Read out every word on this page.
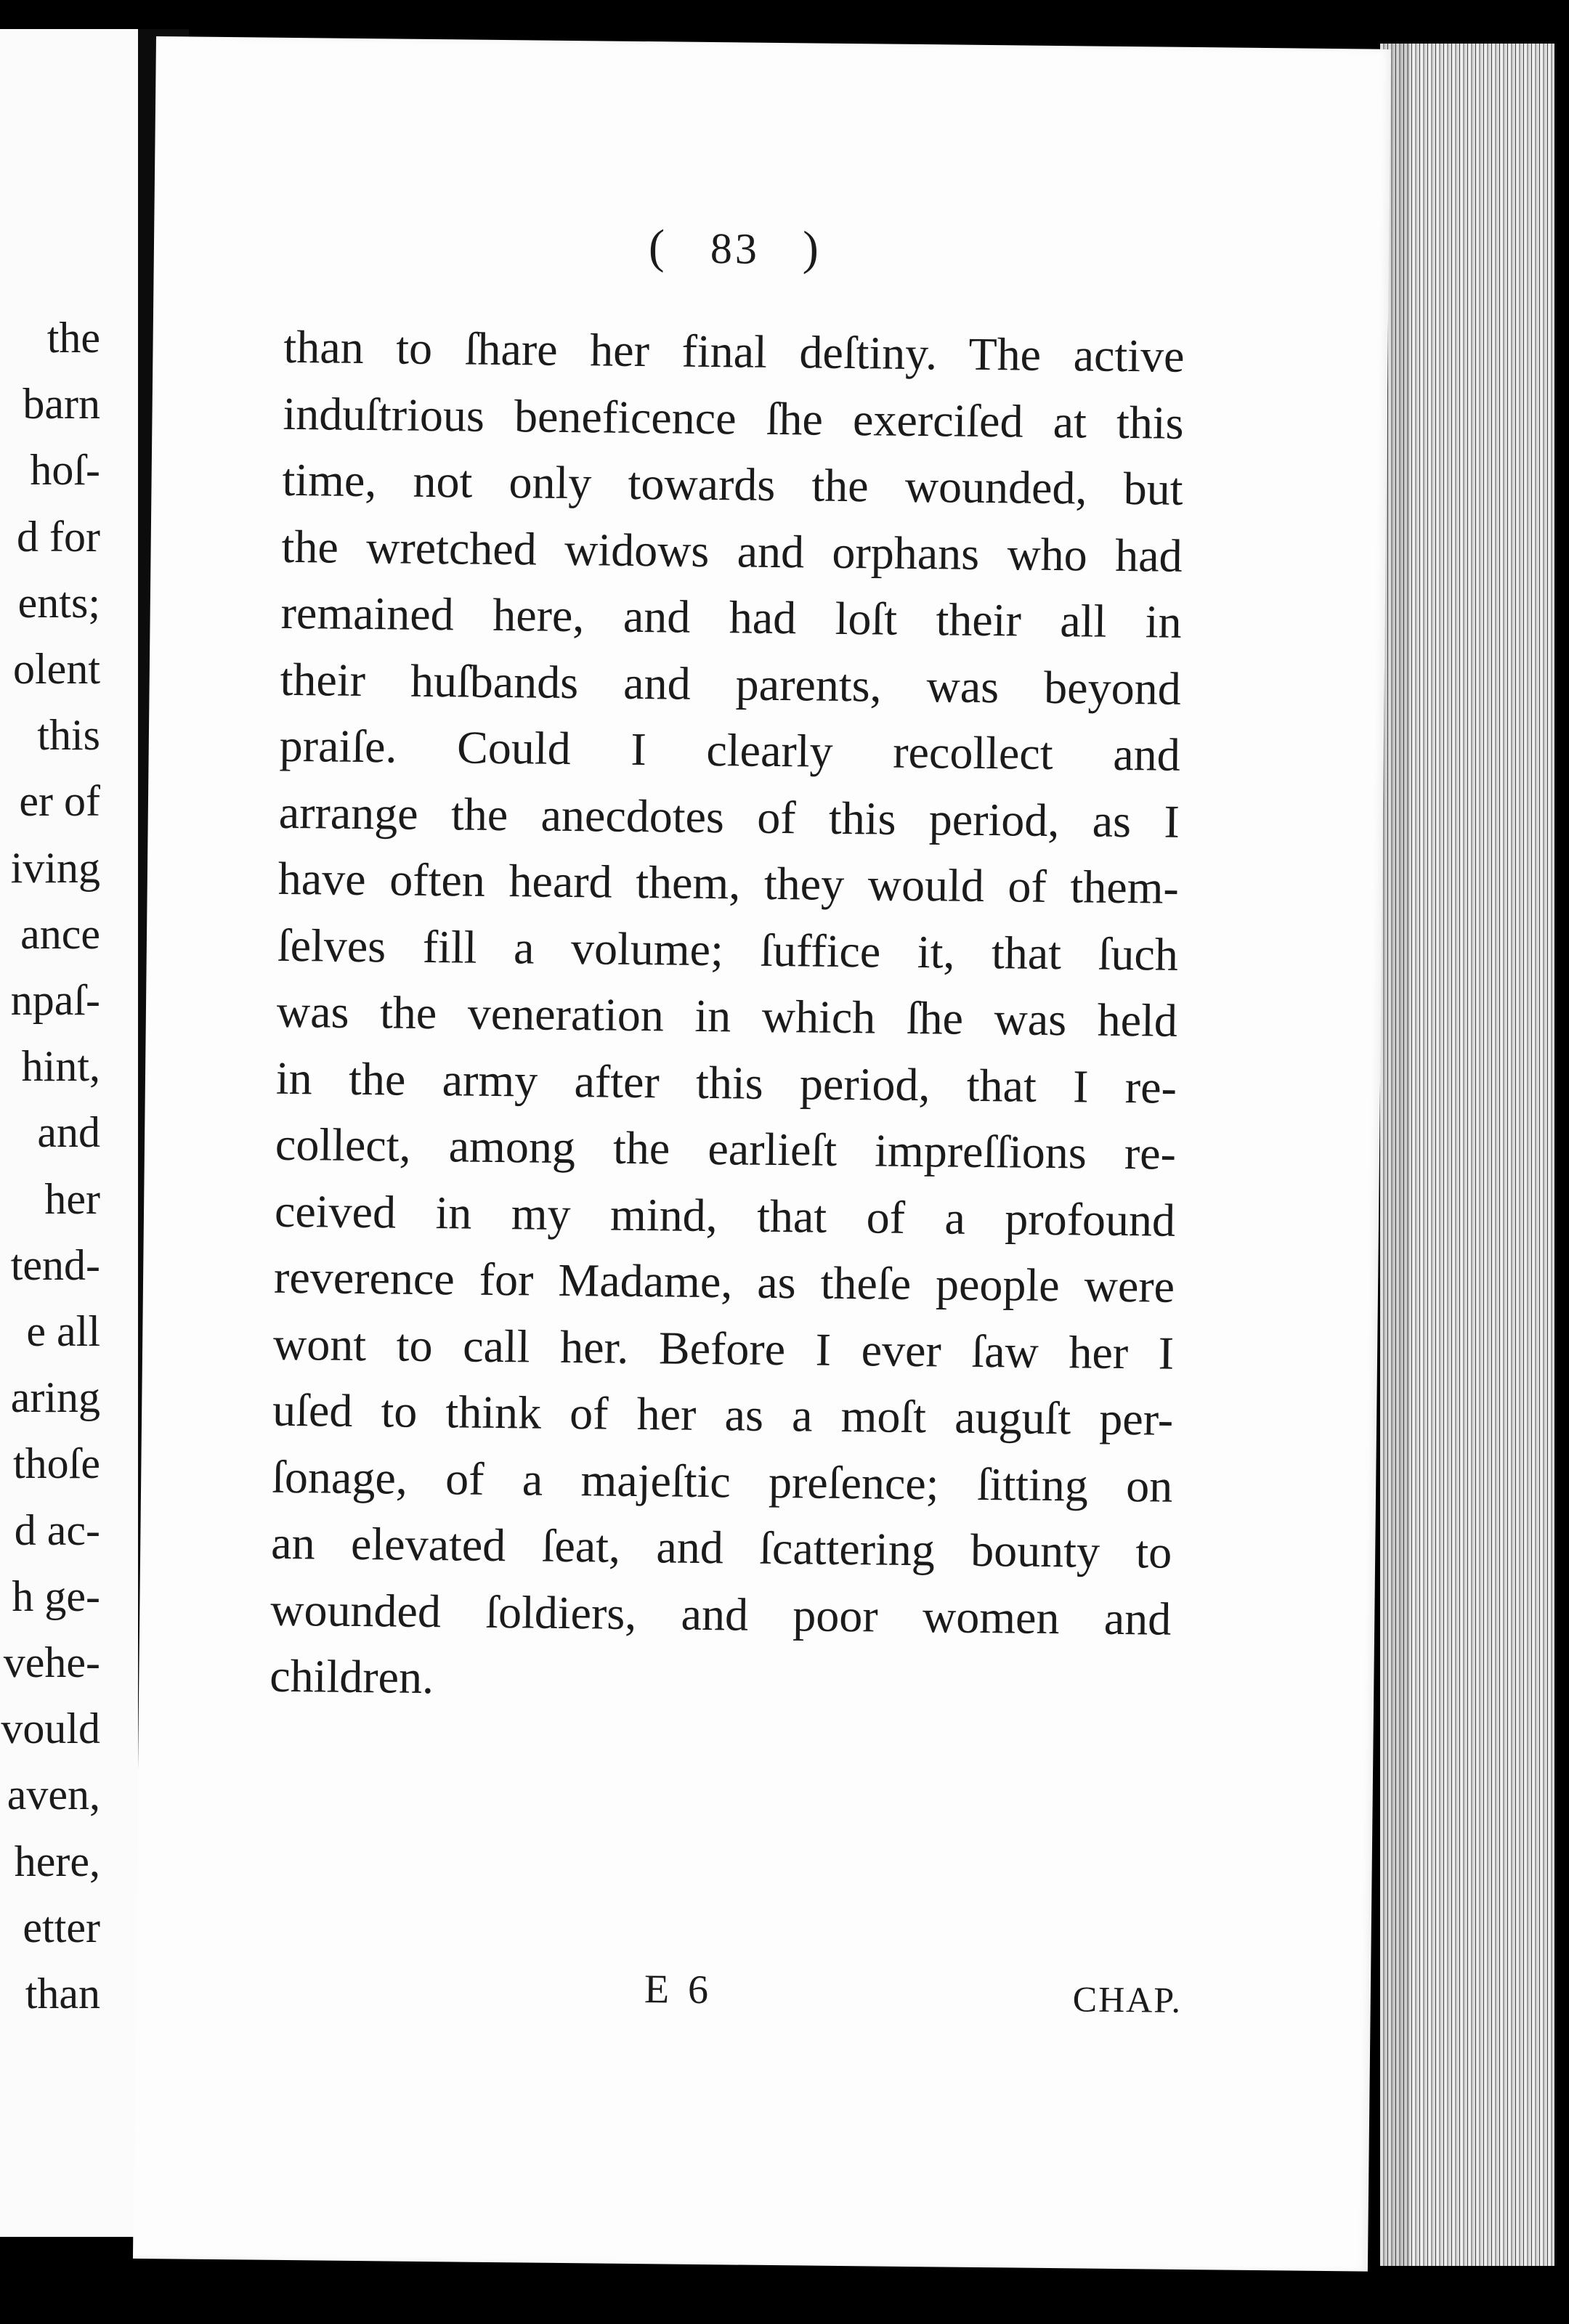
the
barn
hoſ-
d for
ents;
olent
this
er of
iving
ance
npaſ-
hint,
and
her
tend-
e all
aring
thoſe
d ac-
h ge-
vehe-
vould
aven,
here,
etter
than
( 83 )
than to ſhare her final deſtiny. The active
induſtrious beneficence ſhe exerciſed at this
time, not only towards the wounded, but
the wretched widows and orphans who had
remained here, and had loſt their all in
their huſbands and parents, was beyond
praiſe. Could I clearly recollect and
arrange the anecdotes of this period, as I
have often heard them, they would of them-
ſelves fill a volume; ſuffice it, that ſuch
was the veneration in which ſhe was held
in the army after this period, that I re-
collect, among the earlieſt impreſſions re-
ceived in my mind, that of a profound
reverence for Madame, as theſe people were
wont to call her. Before I ever ſaw her I
uſed to think of her as a moſt auguſt per-
ſonage, of a majeſtic preſence; ſitting on
an elevated ſeat, and ſcattering bounty to
wounded ſoldiers, and poor women and
children.
E 6	CHAP.
